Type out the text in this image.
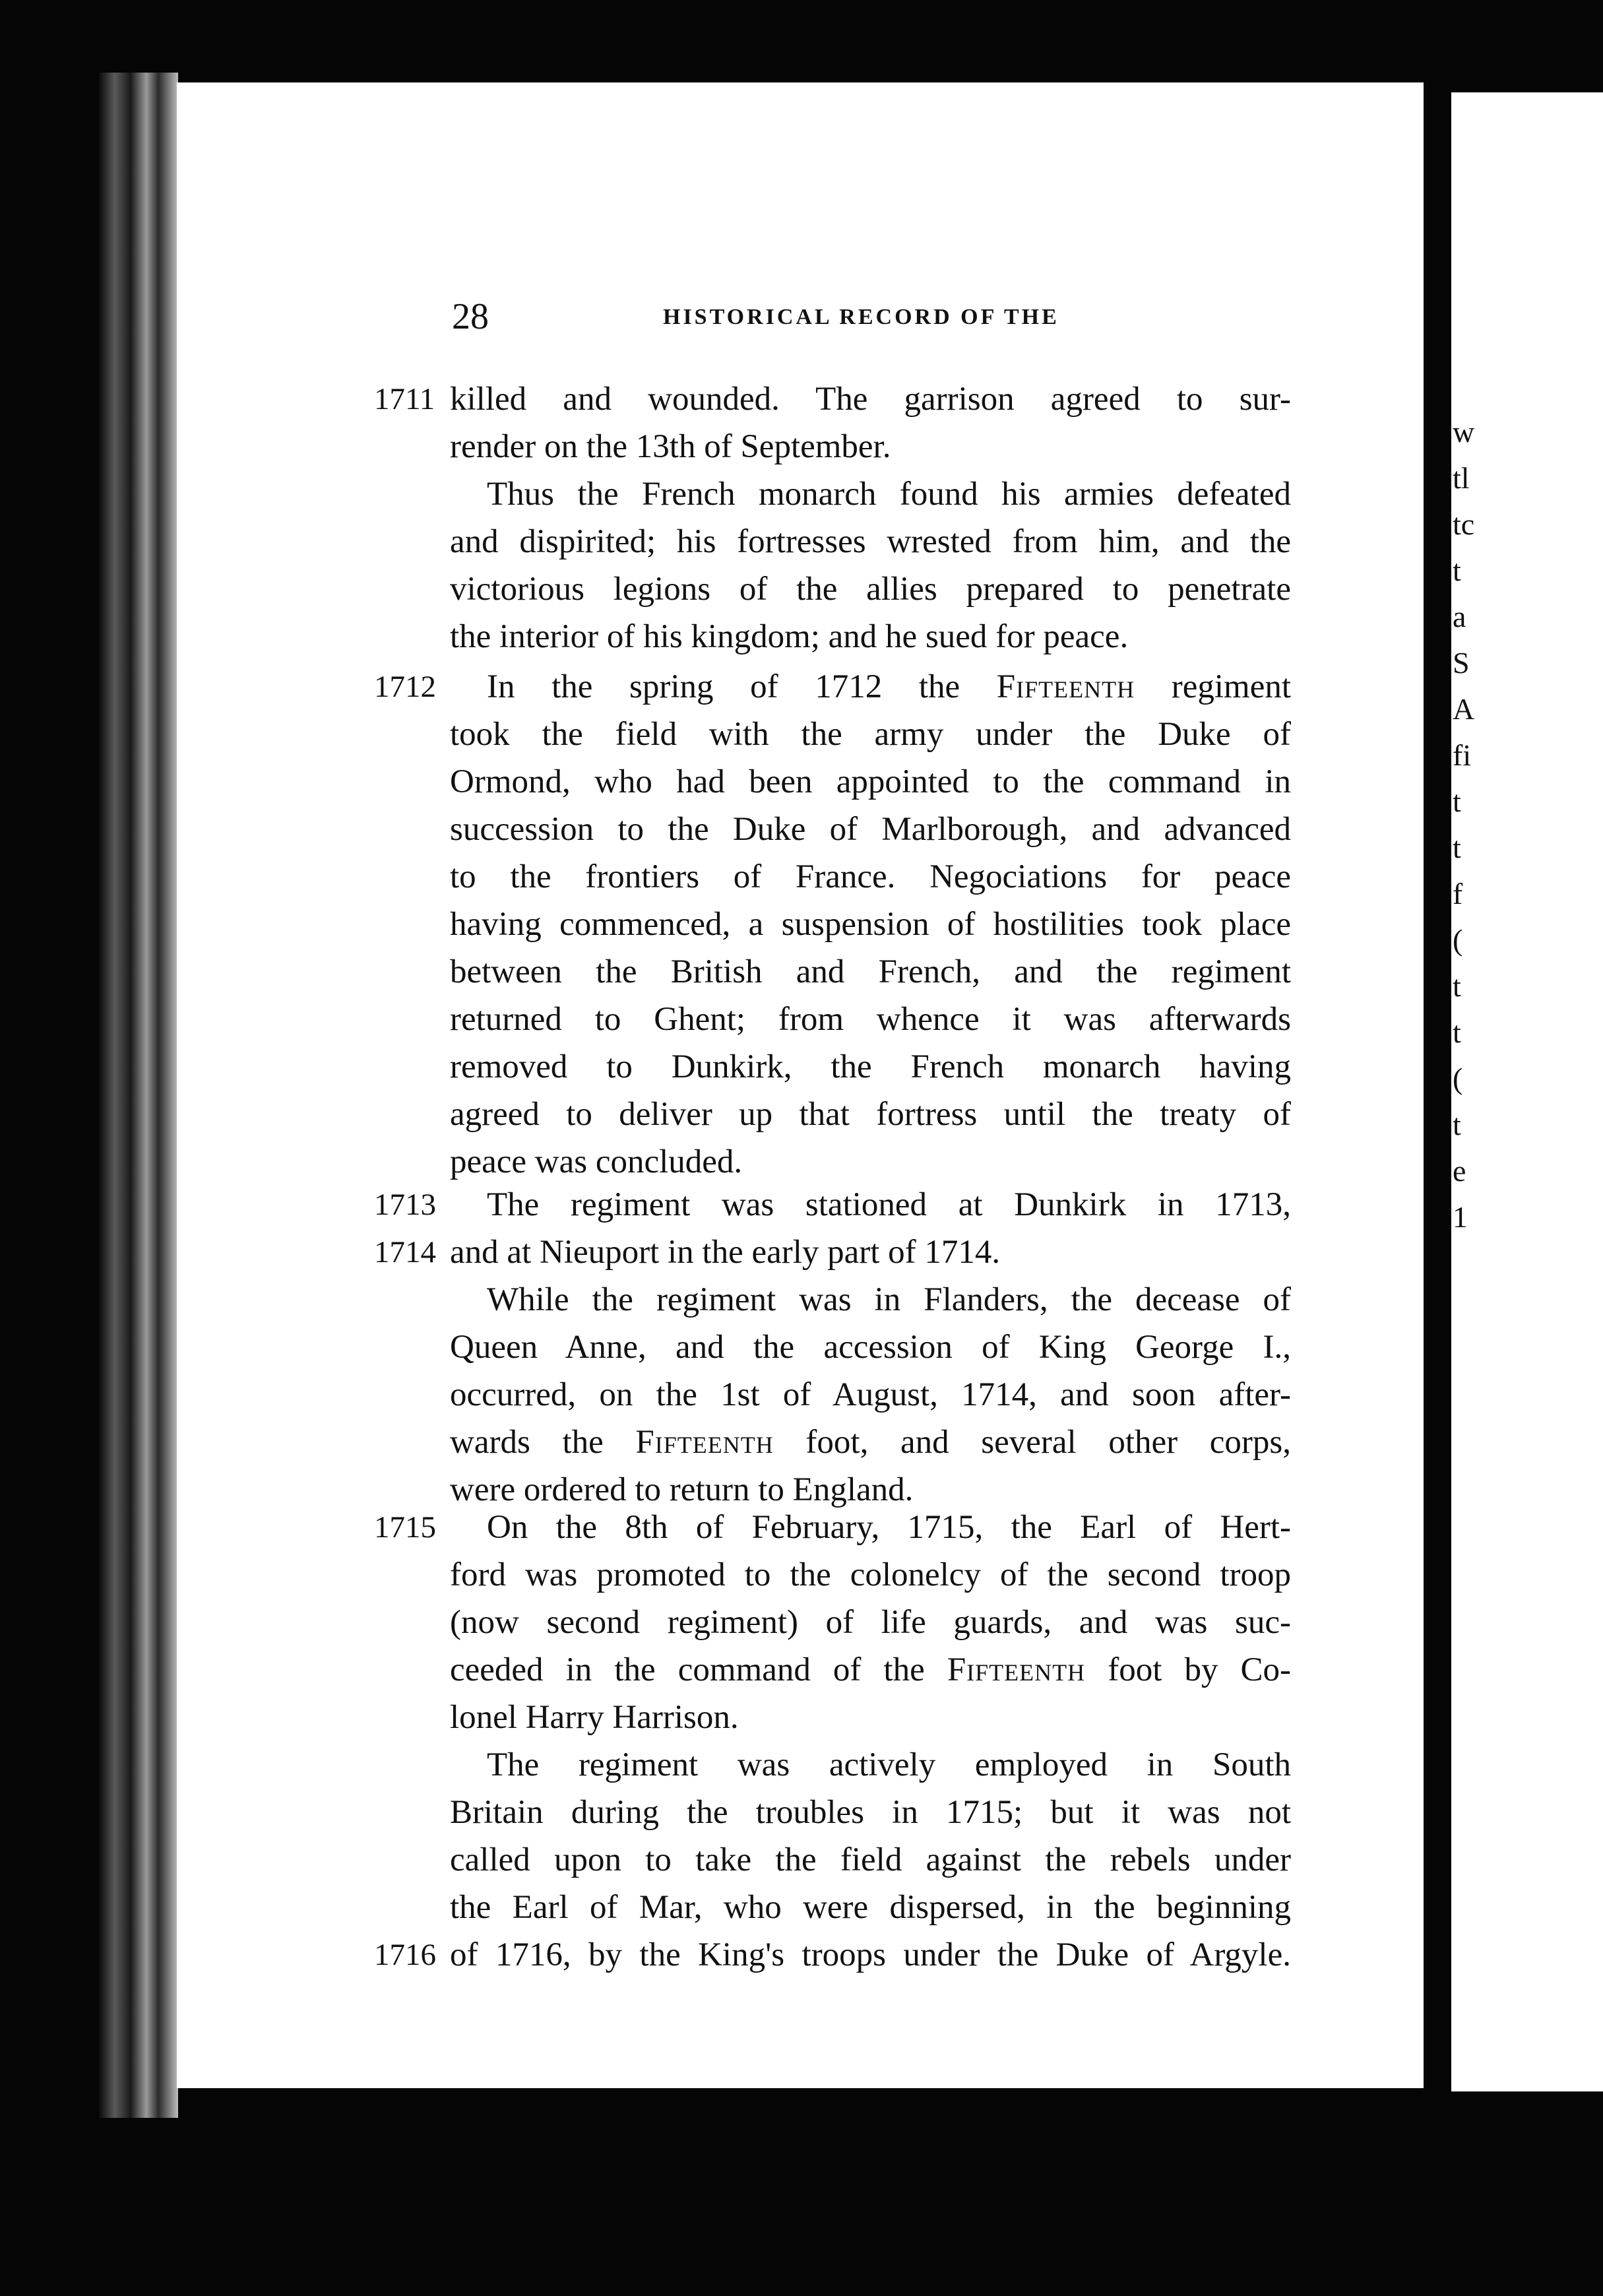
w
tl
tc
t
a
S
A
fi
t
t
f
(
t
t
(
t
e
1
28	HISTORICAL RECORD OF THE
1711
1712
1713
1714
1715
1716
killed and wounded. The garrison agreed to sur-
render on the 13th of September.
Thus the French monarch found his armies defeated
and dispirited; his fortresses wrested from him, and the
victorious legions of the allies prepared to penetrate
the interior of his kingdom; and he sued for peace.
In the spring of 1712 the Fifteenth regiment
took the field with the army under the Duke of
Ormond, who had been appointed to the command in
succession to the Duke of Marlborough, and advanced
to the frontiers of France. Negociations for peace
having commenced, a suspension of hostilities took place
between the British and French, and the regiment
returned to Ghent; from whence it was afterwards
removed to Dunkirk, the French monarch having
agreed to deliver up that fortress until the treaty of
peace was concluded.
The regiment was stationed at Dunkirk in 1713,
and at Nieuport in the early part of 1714.
While the regiment was in Flanders, the decease of
Queen Anne, and the accession of King George I.,
occurred, on the 1st of August, 1714, and soon after-
wards the Fifteenth foot, and several other corps,
were ordered to return to England.
On the 8th of February, 1715, the Earl of Hert-
ford was promoted to the colonelcy of the second troop
(now second regiment) of life guards, and was suc-
ceeded in the command of the Fifteenth foot by Co-
lonel Harry Harrison.
The regiment was actively employed in South
Britain during the troubles in 1715; but it was not
called upon to take the field against the rebels under
the Earl of Mar, who were dispersed, in the beginning
of 1716, by the King's troops under the Duke of Argyle.
